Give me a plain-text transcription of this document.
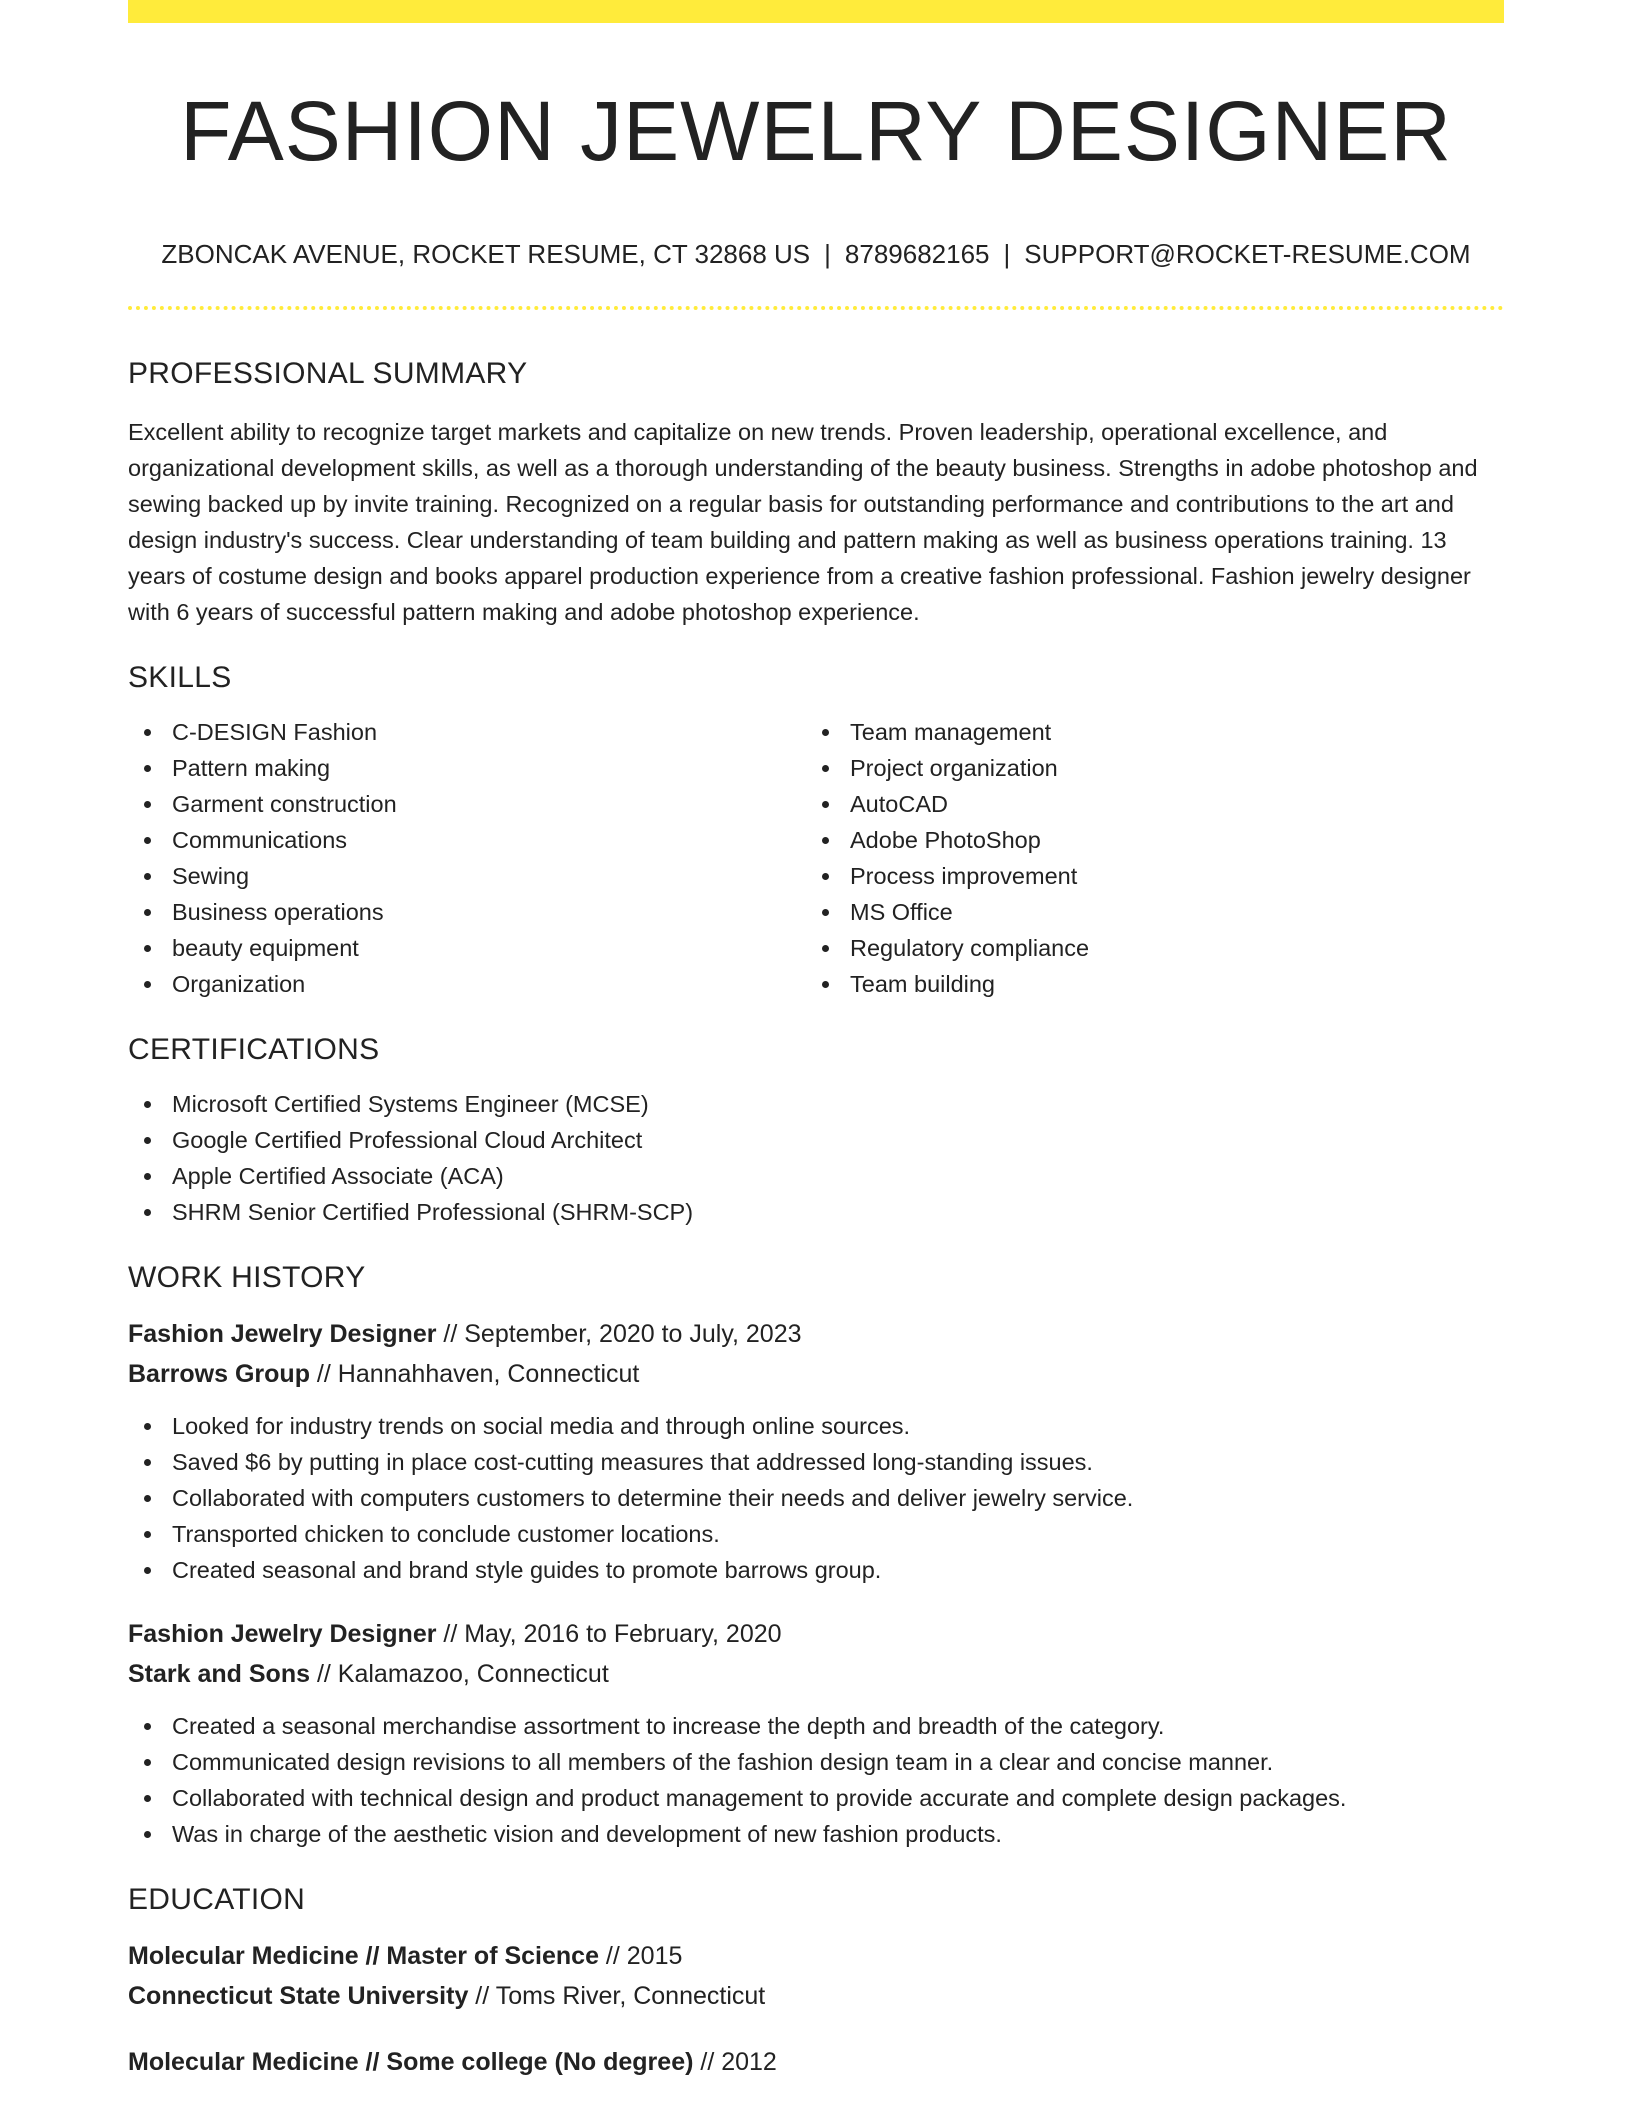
FASHION JEWELRY DESIGNER
ZBONCAK AVENUE, ROCKET RESUME, CT 32868 US | 8789682165 | SUPPORT@ROCKET-RESUME.COM
PROFESSIONAL SUMMARY

Excellent ability to recognize target markets and capitalize on new trends. Proven leadership, operational excellence, and organizational development skills, as well as a thorough understanding of the beauty business. Strengths in adobe photoshop and sewing backed up by invite training. Recognized on a regular basis for outstanding performance and contributions to the art and design industry's success. Clear understanding of team building and pattern making as well as business operations training. 13 years of costume design and books apparel production experience from a creative fashion professional. Fashion jewelry designer with 6 years of successful pattern making and adobe photoshop experience.

SKILLS
C-DESIGN Fashion
Pattern making
Garment construction
Communications
Sewing
Business operations
beauty equipment
Organization
Team management
Project organization
AutoCAD
Adobe PhotoShop
Process improvement
MS Office
Regulatory compliance
Team building
CERTIFICATIONS
Microsoft Certified Systems Engineer (MCSE)
Google Certified Professional Cloud Architect
Apple Certified Associate (ACA)
SHRM Senior Certified Professional (SHRM-SCP)
WORK HISTORY
Fashion Jewelry Designer // September, 2020 to July, 2023
Barrows Group // Hannahhaven, Connecticut
Looked for industry trends on social media and through online sources.
Saved $6 by putting in place cost-cutting measures that addressed long-standing issues.
Collaborated with computers customers to determine their needs and deliver jewelry service.
Transported chicken to conclude customer locations.
Created seasonal and brand style guides to promote barrows group.
Fashion Jewelry Designer // May, 2016 to February, 2020
Stark and Sons // Kalamazoo, Connecticut
Created a seasonal merchandise assortment to increase the depth and breadth of the category.
Communicated design revisions to all members of the fashion design team in a clear and concise manner.
Collaborated with technical design and product management to provide accurate and complete design packages.
Was in charge of the aesthetic vision and development of new fashion products.
EDUCATION
Molecular Medicine // Master of Science // 2015
Connecticut State University // Toms River, Connecticut
Molecular Medicine // Some college (No degree) // 2012
